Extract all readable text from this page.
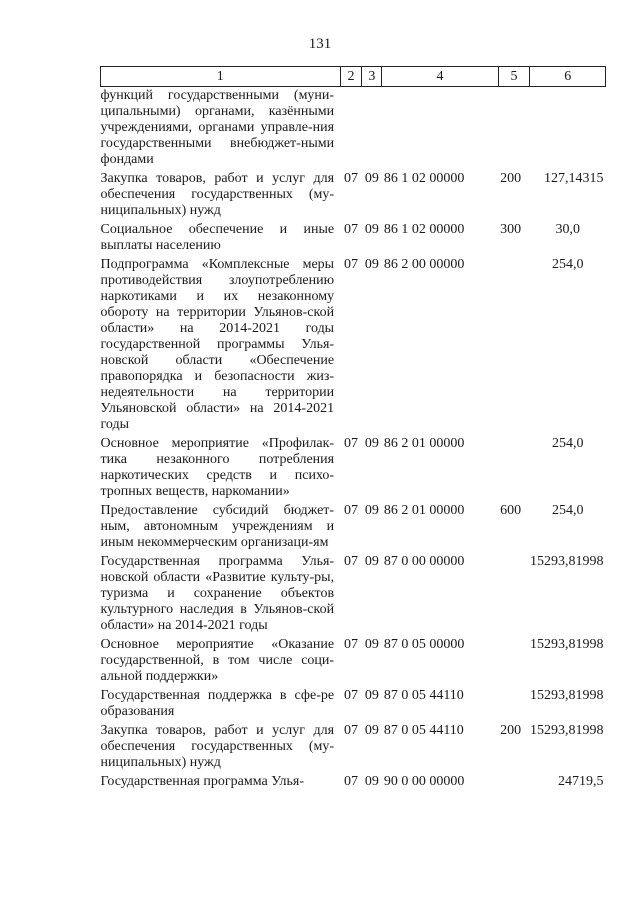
131
1	2	3	4	5	6
функций государственными (муни-ципальными) органами, казёнными учреждениями, органами управле-ния государственными внебюджет-ными фондами					
Закупка товаров, работ и услуг для обеспечения государственных (му-ниципальных) нужд	07	09	86 1 02 00000	200	127,14315
Социальное обеспечение и иные выплаты населению	07	09	86 1 02 00000	300	30,0
Подпрограмма «Комплексные меры противодействия злоупотреблению наркотиками и их незаконному обороту на территории Ульянов-ской области» на 2014-2021 годы государственной программы Улья-новской области «Обеспечение правопорядка и безопасности жиз-недеятельности на территории Ульяновской области» на 2014-2021 годы	07	09	86 2 00 00000		254,0
Основное мероприятие «Профилак-тика незаконного потребления наркотических средств и психо-тропных веществ, наркомании»	07	09	86 2 01 00000		254,0
Предоставление субсидий бюджет-ным, автономным учреждениям и иным некоммерческим организаци-ям	07	09	86 2 01 00000	600	254,0
Государственная программа Улья-новской области «Развитие культу-ры, туризма и сохранение объектов культурного наследия в Ульянов-ской области» на 2014-2021 годы	07	09	87 0 00 00000		15293,81998
Основное мероприятие «Оказание государственной, в том числе соци-альной поддержки»	07	09	87 0 05 00000		15293,81998
Государственная поддержка в сфе-ре образования	07	09	87 0 05 44110		15293,81998
Закупка товаров, работ и услуг для обеспечения государственных (му-ниципальных) нужд	07	09	87 0 05 44110	200	15293,81998
Государственная программа Улья-	07	09	90 0 00 00000		24719,5
